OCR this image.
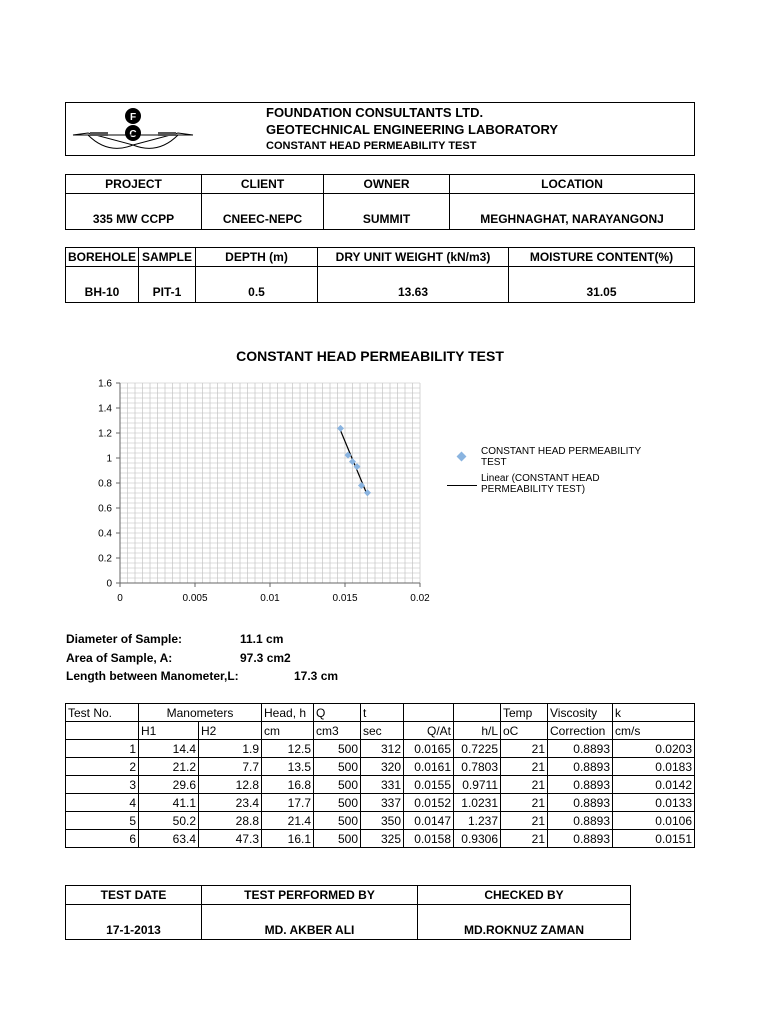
F
C
FOUNDATION CONSULTANTS LTD.
GEOTECHNICAL ENGINEERING LABORATORY
CONSTANT HEAD PERMEABILITY TEST
PROJECT	CLIENT	OWNER	LOCATION
335 MW CCPP	CNEEC-NEPC	SUMMIT	MEGHNAGHAT, NARAYANGONJ
BOREHOLE	SAMPLE	DEPTH (m)	DRY UNIT WEIGHT (kN/m3)	MOISTURE CONTENT(%)
BH-10	PIT-1	0.5	13.63	31.05
CONSTANT HEAD PERMEABILITY TEST
0	0.005	0.01	0.015	0.02
0
0.2
0.4
0.6
0.8
1
1.2
1.4
1.6
CONSTANT HEAD PERMEABILITY
TEST
Linear (CONSTANT HEAD
PERMEABILITY TEST)
Diameter of Sample:	11.1 cm
Area of Sample, A:	97.3 cm2
Length between Manometer,L:	17.3 cm
Test No.	Manometers		Head, h	Q	t			Temp	Viscosity	k
	H1	H2	cm	cm3	sec	Q/At	h/L	oC	Correction	cm/s
1	14.4	1.9	12.5	500	312	0.0165	0.7225	21	0.8893	0.0203
2	21.2	7.7	13.5	500	320	0.0161	0.7803	21	0.8893	0.0183
3	29.6	12.8	16.8	500	331	0.0155	0.9711	21	0.8893	0.0142
4	41.1	23.4	17.7	500	337	0.0152	1.0231	21	0.8893	0.0133
5	50.2	28.8	21.4	500	350	0.0147	1.237	21	0.8893	0.0106
6	63.4	47.3	16.1	500	325	0.0158	0.9306	21	0.8893	0.0151
TEST DATE	TEST PERFORMED BY	CHECKED BY
17-1-2013	MD. AKBER ALI	MD.ROKNUZ ZAMAN
